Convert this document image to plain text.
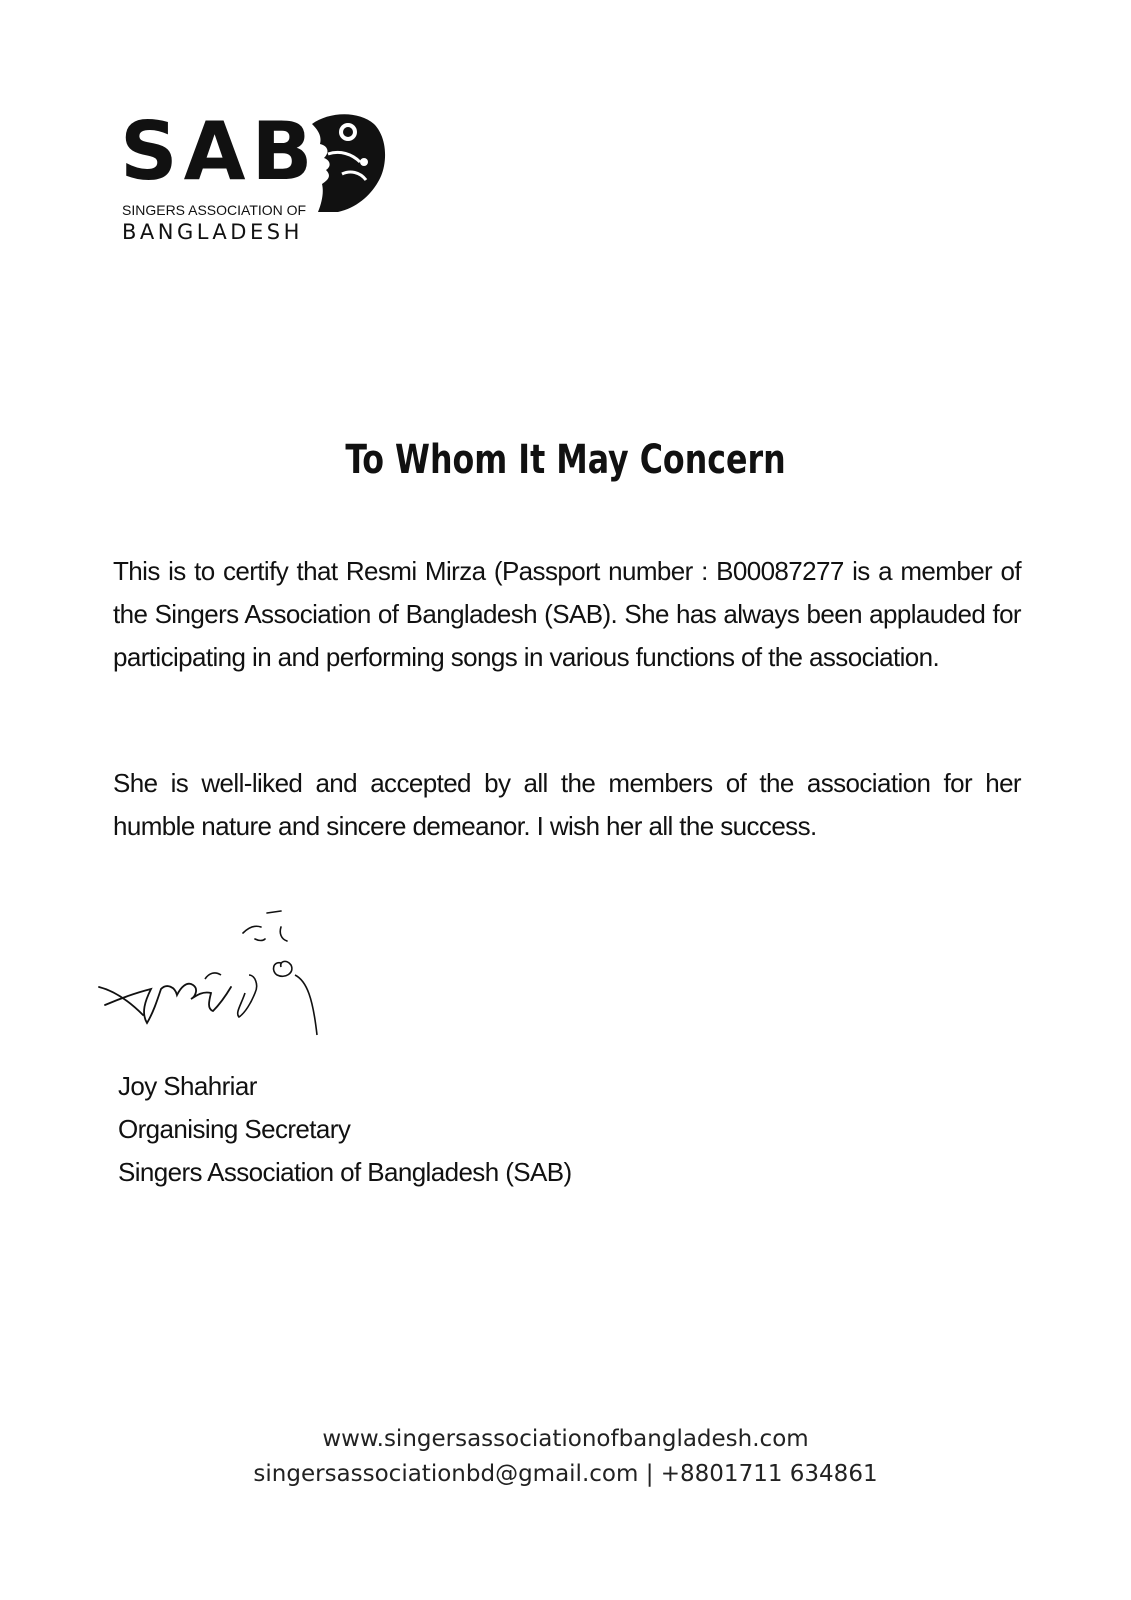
SAB
SINGERS ASSOCIATION OF
BANGLADESH
To Whom It May Concern
This is to certify that Resmi Mirza (Passport number : B00087277 is a member of the Singers Association of Bangladesh (SAB). She has always been applauded for participating in and performing songs in various functions of the association.
She is well-liked and accepted by all the members of the association for her humble nature and sincere demeanor. I wish her all the success.
Joy Shahriar
Organising Secretary
Singers Association of Bangladesh (SAB)
www.singersassociationofbangladesh.com
singersassociationbd@gmail.com | +8801711 634861
